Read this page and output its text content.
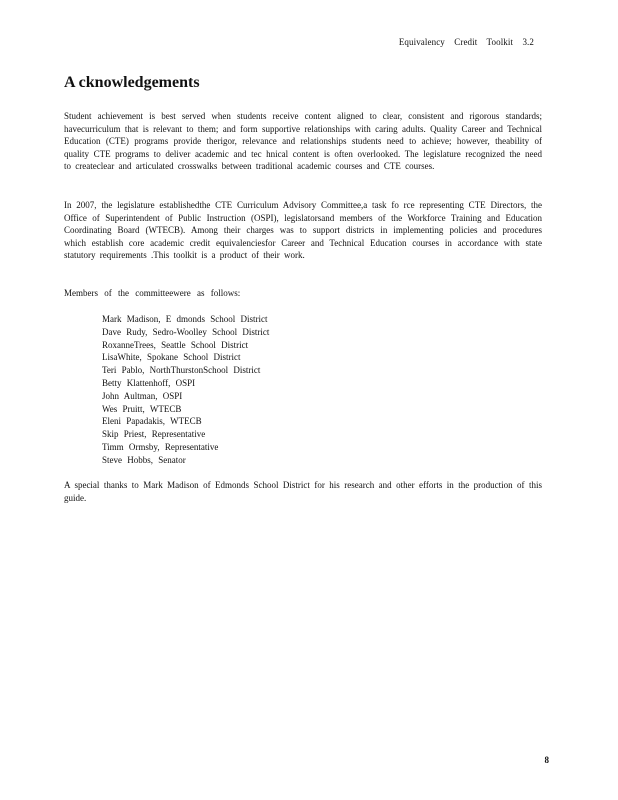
Equivalency Credit Toolkit 3.2
A cknowledgements

Student achievement is best served when students receive content aligned to clear, consistent and rigorous standards; havecurriculum that is relevant to them; and form supportive relationships with caring adults. Quality Career and Technical Education (CTE) programs provide therigor, relevance and relationships students need to achieve; however, theability of quality CTE programs to deliver academic and tec hnical content is often overlooked. The legislature recognized the need to createclear and articulated crosswalks between traditional academic courses and CTE courses.

In 2007, the legislature establishedthe CTE Curriculum Advisory Committee,a task fo rce representing CTE Directors, the Office of Superintendent of Public Instruction (OSPI), legislatorsand members of the Workforce Training and Education Coordinating Board (WTECB). Among their charges was to support districts in implementing policies and procedures which establish core academic credit equivalenciesfor Career and Technical Education courses in accordance with state statutory requirements .This toolkit is a product of their work.

Members of the committeewere as follows:

Mark Madison, E dmonds School District
Dave Rudy, Sedro-Woolley School District
RoxanneTrees, Seattle School District
LisaWhite, Spokane School District
Teri Pablo, NorthThurstonSchool District
Betty Klattenhoff, OSPI
John Aultman, OSPI
Wes Pruitt, WTECB
Eleni Papadakis, WTECB
Skip Priest, Representative
Timm Ormsby, Representative
Steve Hobbs, Senator

A special thanks to Mark Madison of Edmonds School District for his research and other efforts in the production of this guide.

8
